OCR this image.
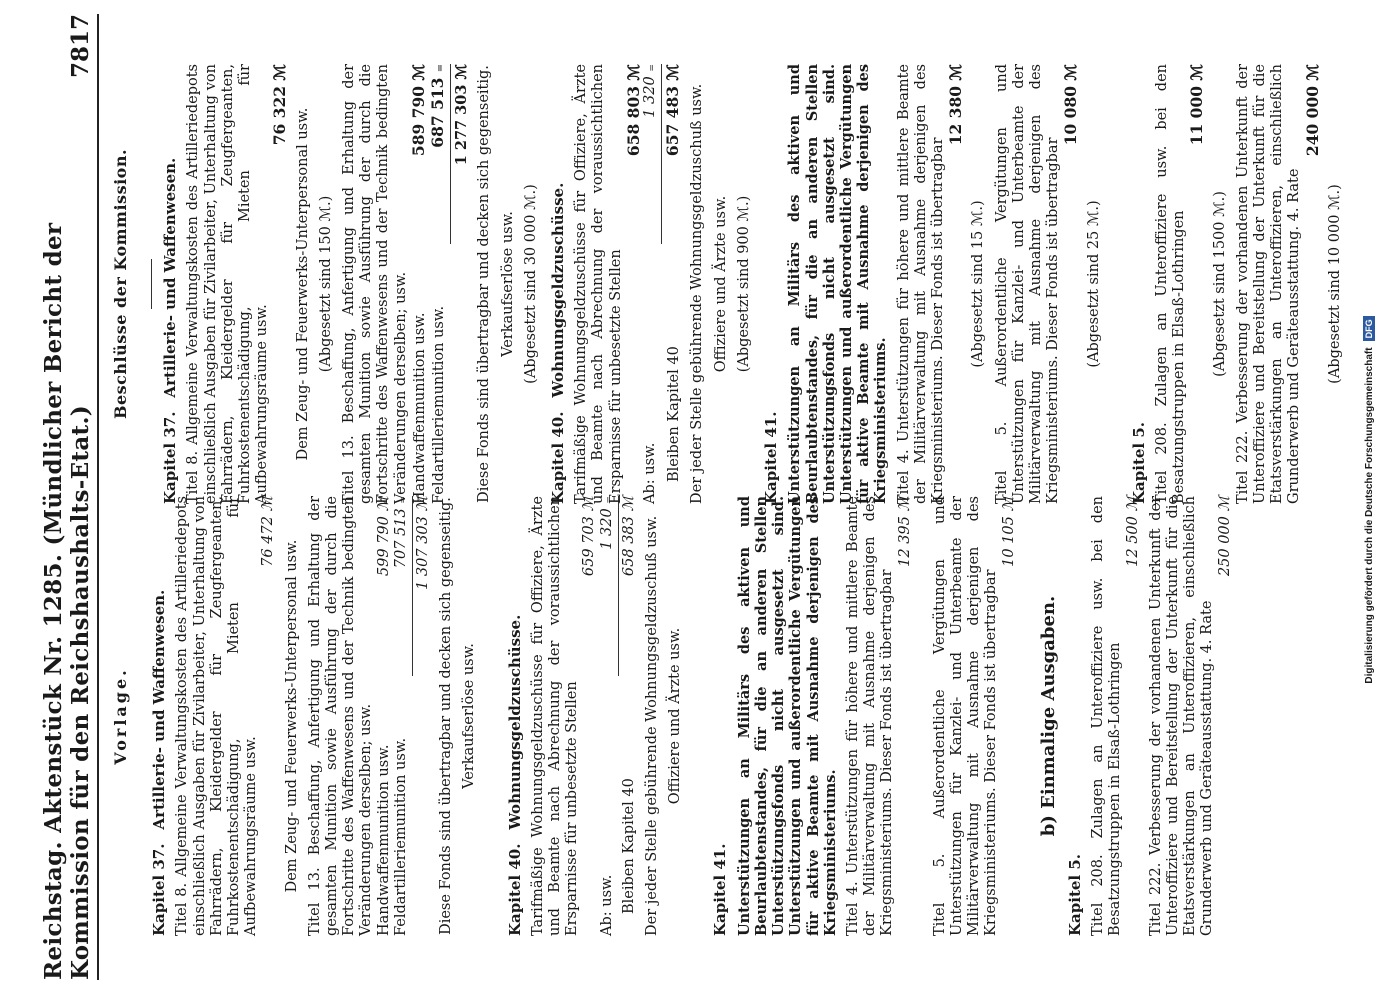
Reichstag. Aktenstück Nr. 1285. (Mündlicher Bericht der Kommission für den Reichshaushalts-Etat.)
7817
Vorlage.
Kapitel 37.Artillerie- und Waffenwesen. Titel 8. Allgemeine Verwaltungskosten des Artilleriedepots einschließlich Ausgaben für Zivilarbeiter, Unterhaltung von Fahrrädern, Kleidergelder für Zeugfergeanten, Fuhrkostenentschädigung, Mieten für Aufbewahrungsräume usw.
76 472 ℳ
Dem Zeug- und Feuerwerks-Unterpersonal usw. Titel 13. Beschaffung, Anfertigung und Erhaltung der gesamten Munition sowie Ausführung der durch die Fortschritte des Waffenwesens und der Technik bedingten Veränderungen derselben; usw. Handwaffenmunition usw.
599 790 ℳ
Feldartilleriemunition usw.
707 513 ₌ 1 307 303 ℳ Diese Fonds sind übertragbar und decken sich gegenseitig. Verkaufserlöse usw.
Kapitel 40.Wohnungsgeldzuschüsse. Tarifmäßige Wohnungsgeldzuschüsse für Offiziere, Ärzte und Beamte nach Abrechnung der voraussichtlichen Ersparnisse für unbesetzte Stellen
659 703 ℳ
Ab: usw.
1 320 ₌
Bleiben Kapitel 40
658 383 ℳ Der jeder Stelle gebührende Wohnungsgeldzuschuß usw. Offiziere und Ärzte usw.
Kapitel 41. Unterstützungen an Militärs des aktiven und Beurlaubtenstandes, für die an anderen Stellen Unterstützungsfonds nicht ausgesetzt sind. Unterstützungen und außerordentliche Vergütungen für aktive Beamte mit Ausnahme derjenigen des Kriegsministeriums. Titel 4. Unterstützungen für höhere und mittlere Beamte der Militärverwaltung mit Ausnahme derjenigen des Kriegsministeriums. Dieser Fonds ist übertragbar
12 395 ℳ Titel 5. Außerordentliche Vergütungen und Unterstützungen für Kanzlei- und Unterbeamte der Militärverwaltung mit Ausnahme derjenigen des Kriegsministeriums. Dieser Fonds ist übertragbar
10 105 ℳ
b) Einmalige Ausgaben.
Kapitel 5. Titel 208. Zulagen an Unteroffiziere usw. bei den Besatzungstruppen in Elsaß-Lothringen
12 500 ℳ Titel 222. Verbesserung der vorhandenen Unterkunft der Unteroffiziere und Bereitstellung der Unterkunft für die Etatsverstärkungen an Unteroffizieren, einschließlich Grunderwerb und Geräteausstattung. 4. Rate
250 000 ℳ
Beschlüsse der Kommission.
Kapitel 37.Artillerie- und Waffenwesen. Titel 8. Allgemeine Verwaltungskosten des Artilleriedepots einschließlich Ausgaben für Zivilarbeiter, Unterhaltung von Fahrrädern, Kleidergelder für Zeugfergeanten, Fuhrkostenentschädigung, Mieten für Aufbewahrungsräume usw.
76 322 ℳ
Dem Zeug- und Feuerwerks-Unterpersonal usw. (Abgesetzt sind 150 ℳ.) Titel 13. Beschaffung, Anfertigung und Erhaltung der gesamten Munition sowie Ausführung der durch die Fortschritte des Waffenwesens und der Technik bedingten Veränderungen derselben; usw. Handwaffenmunition usw.
589 790 ℳ
Feldartilleriemunition usw.
687 513 ₌ 1 277 303 ℳ Diese Fonds sind übertragbar und decken sich gegenseitig. Verkaufserlöse usw. (Abgesetzt sind 30 000 ℳ.)
Kapitel 40.Wohnungsgeldzuschüsse. Tarifmäßige Wohnungsgeldzuschüsse für Offiziere, Ärzte und Beamte nach Abrechnung der voraussichtlichen Ersparnisse für unbesetzte Stellen
658 803 ℳ
Ab: usw.
1 320 ₌
Bleiben Kapitel 40
657 483 ℳ Der jeder Stelle gebührende Wohnungsgeldzuschuß usw. Offiziere und Ärzte usw. (Abgesetzt sind 900 ℳ.)
Kapitel 41. Unterstützungen an Militärs des aktiven und Beurlaubtenstandes, für die an anderen Stellen Unterstützungsfonds nicht ausgesetzt sind. Unterstützungen und außerordentliche Vergütungen für aktive Beamte mit Ausnahme derjenigen des Kriegsministeriums. Titel 4. Unterstützungen für höhere und mittlere Beamte der Militärverwaltung mit Ausnahme derjenigen des Kriegsministeriums. Dieser Fonds ist übertragbar
12 380 ℳ
(Abgesetzt sind 15 ℳ.) Titel 5. Außerordentliche Vergütungen und Unterstützungen für Kanzlei- und Unterbeamte der Militärverwaltung mit Ausnahme derjenigen des Kriegsministeriums. Dieser Fonds ist übertragbar
10 080 ℳ
(Abgesetzt sind 25 ℳ.)
Kapitel 5. Titel 208. Zulagen an Unteroffiziere usw. bei den Besatzungstruppen in Elsaß-Lothringen
11 000 ℳ
(Abgesetzt sind 1500 ℳ.) Titel 222. Verbesserung der vorhandenen Unterkunft der Unteroffiziere und Bereitstellung der Unterkunft für die Etatsverstärkungen an Unteroffizieren, einschließlich Grunderwerb und Geräteausstattung. 4. Rate
240 000 ℳ
(Abgesetzt sind 10 000 ℳ.)
Digitalisierung gefördert durch die Deutsche Forschungsgemeinschaft
DFG
